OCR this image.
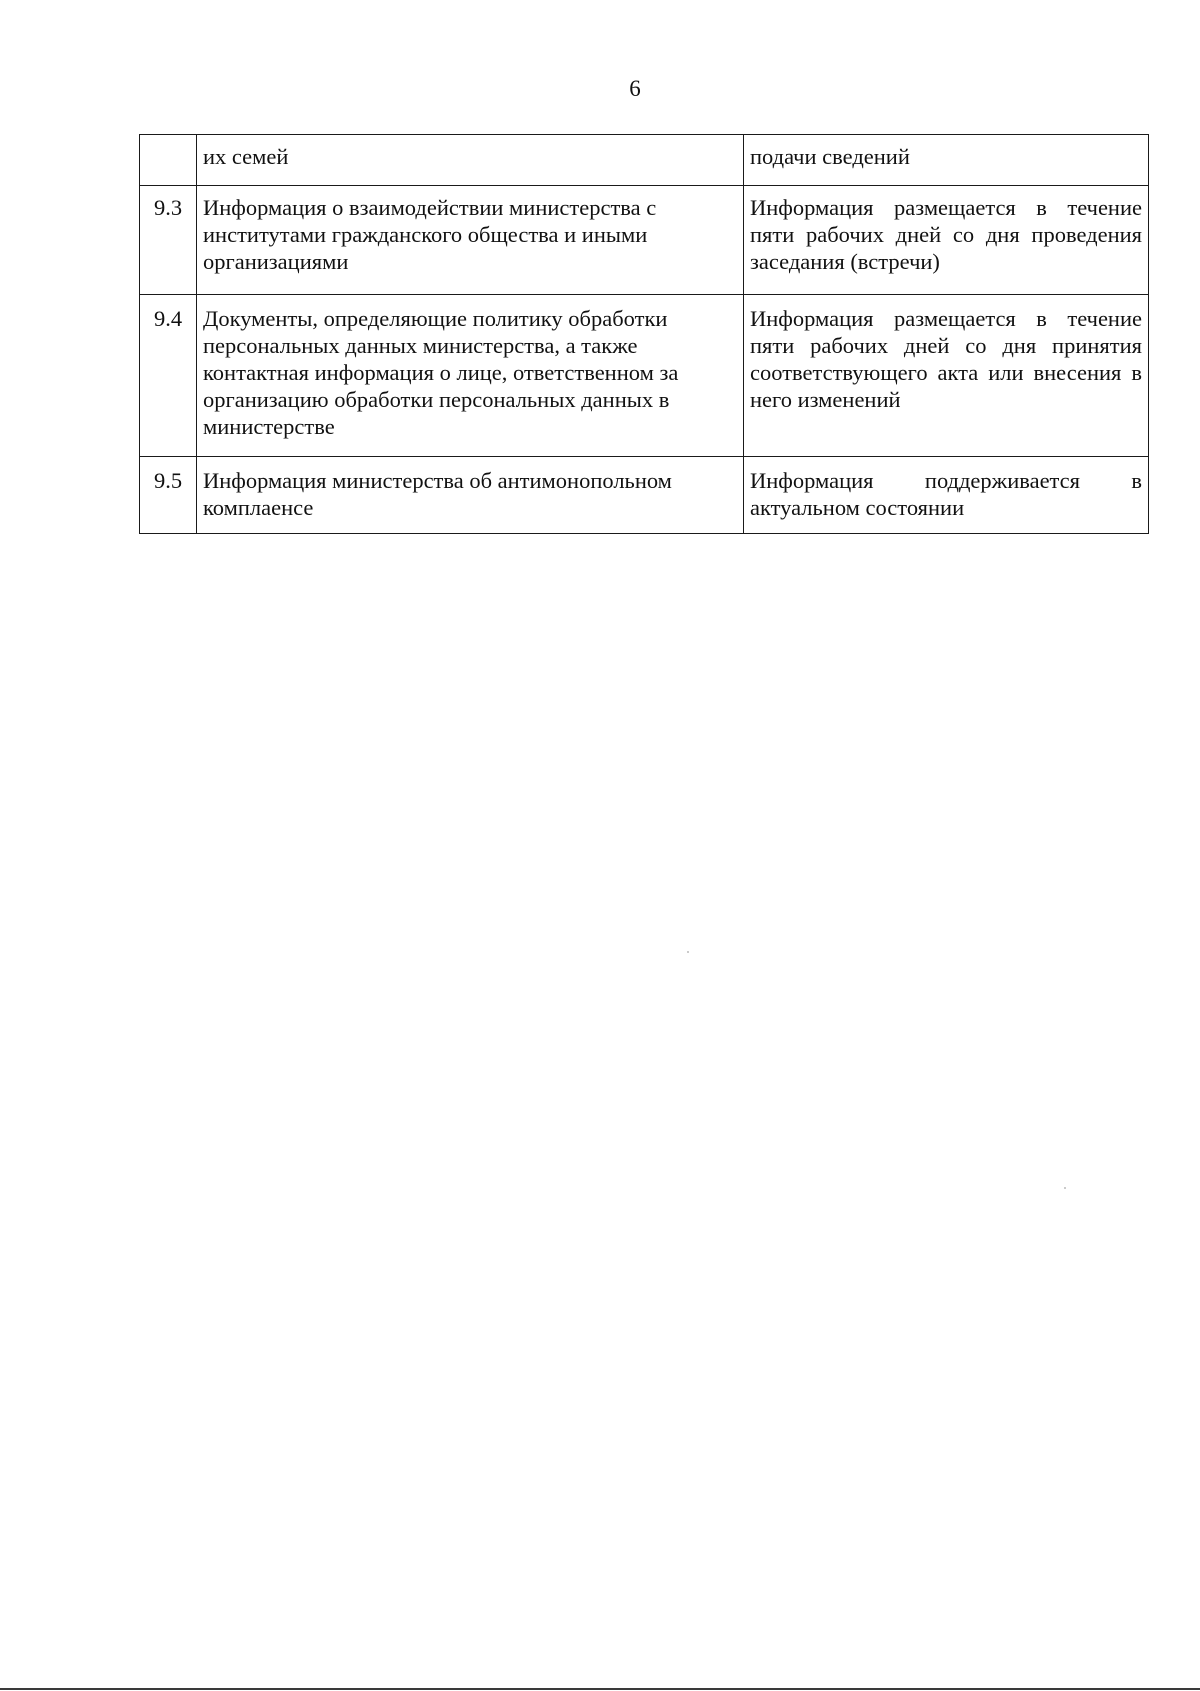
6
	их семей	подачи сведений
9.3	Информация о взаимодействии министерства с институтами гражданского общества и иными организациями	Информация размещается в течение пяти рабочих дней со дня проведения заседания (встречи)
9.4	Документы, определяющие политику обработки персональных данных министерства, а также контактная информация о лице, ответственном за организацию обработки персональных данных в министерстве	Информация размещается в течение пяти рабочих дней со дня принятия соответствующего акта или внесения в него изменений
9.5	Информация министерства об антимонопольном комплаенсе	Информация поддерживается в актуальном состоянии
